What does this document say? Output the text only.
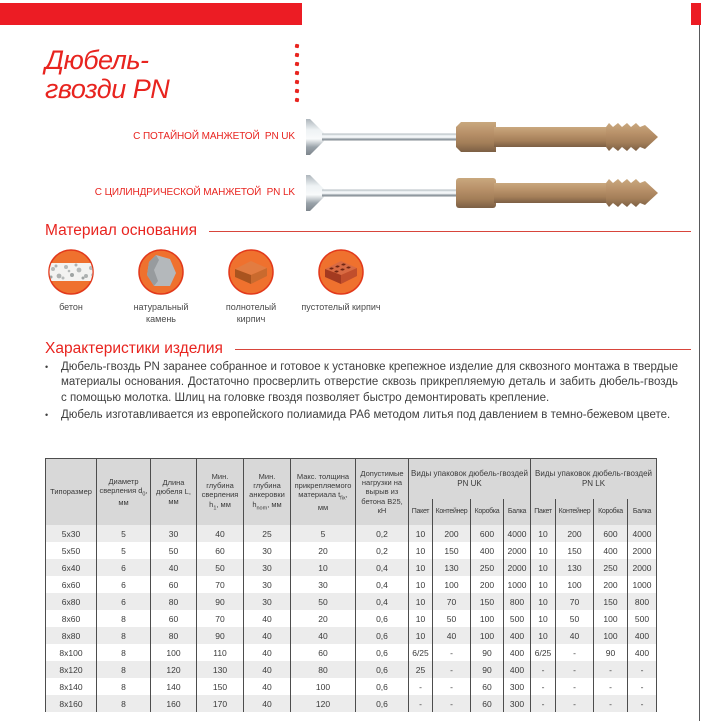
Дюбель-
гвозди PN
С ПОТАЙНОЙ МАНЖЕТОЙ  PN UK
С ЦИЛИНДРИЧЕСКОЙ МАНЖЕТОЙ  PN LK
Материал основания
бетон	натуральный камень
полнотелый кирпич
пустотелый кирпич
Характеристики изделия
•	Дюбель-гвоздь PN заранее собранное и готовое к установке крепежное изделие для сквозного монтажа в твердые материалы основания. Достаточно просверлить отверстие сквозь прикрепляемую деталь и забить дюбель-гвоздь с помощью молотка. Шлиц на головке гвоздя позволяет быстро демонтировать крепление.
•	Дюбель изготавливается из европейского полиамида PA6 методом литья под давлением в темно-бежевом цвете.
Типоразмер	Диаметр сверления $d_0$, мм	Длина дюбеля L, мм	Мин. глубина сверления $h_1$, мм	Мин. глубина анкеровки $h_{nom}$, мм	Макс. толщина прикрепляемого материала $t_{fix}$, мм	Допустимые нагрузки на вырыв из бетона В25, кН	Виды упаковок дюбель-гвоздей PN UK				Виды упаковок дюбель-гвоздей PN LK			
							Пакет	Контейнер	Коробка	Балка	Пакет	Контейнер	Коробка	Балка
5x30	5	30	40	25	5	0,2	10	200	600	4000	10	200	600	4000
5x50	5	50	60	30	20	0,2	10	150	400	2000	10	150	400	2000
6x40	6	40	50	30	10	0,4	10	130	250	2000	10	130	250	2000
6x60	6	60	70	30	30	0,4	10	100	200	1000	10	100	200	1000
6x80	6	80	90	30	50	0,4	10	70	150	800	10	70	150	800
8x60	8	60	70	40	20	0,6	10	50	100	500	10	50	100	500
8x80	8	80	90	40	40	0,6	10	40	100	400	10	40	100	400
8x100	8	100	110	40	60	0,6	6/25	-	90	400	6/25	-	90	400
8x120	8	120	130	40	80	0,6	25	-	90	400	-	-	-	-
8x140	8	140	150	40	100	0,6	-	-	60	300	-	-	-	-
8x160	8	160	170	40	120	0,6	-	-	60	300	-	-	-	-
